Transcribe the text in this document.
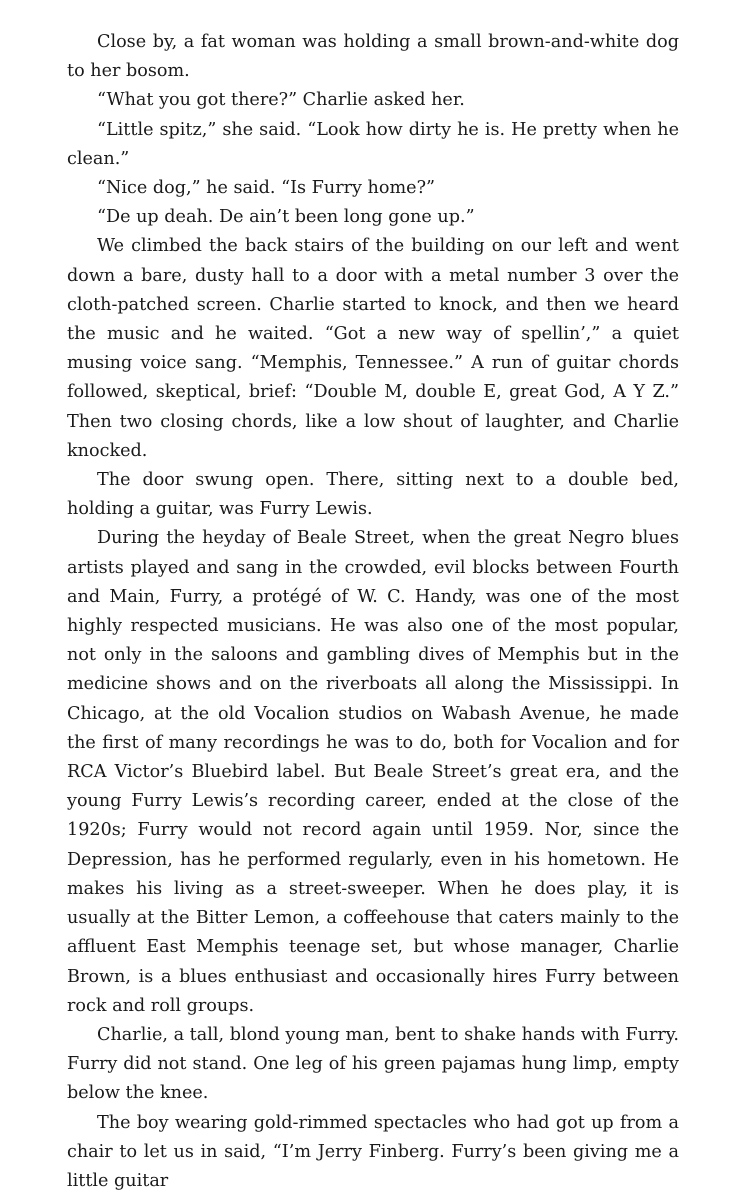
Close by, a fat woman was holding a small brown-and-white dog to her bosom.

“What you got there?” Charlie asked her.

“Little spitz,” she said. “Look how dirty he is. He pretty when he clean.”

“Nice dog,” he said. “Is Furry home?”

“De up deah. De ain’t been long gone up.”

We climbed the back stairs of the building on our left and went down a bare, dusty hall to a door with a metal number 3 over the cloth-patched screen. Charlie started to knock, and then we heard the music and he waited. “Got a new way of spellin’,” a quiet musing voice sang. “Memphis, Tennessee.” A run of guitar chords followed, skeptical, brief: “Double M, double E, great God, A Y Z.” Then two closing chords, like a low shout of laughter, and Charlie knocked.

The door swung open. There, sitting next to a double bed, holding a guitar, was Furry Lewis.

During the heyday of Beale Street, when the great Negro blues artists played and sang in the crowded, evil blocks between Fourth and Main, Furry, a protégé of W. C. Handy, was one of the most highly respected musicians. He was also one of the most popular, not only in the saloons and gambling dives of Memphis but in the medicine shows and on the riverboats all along the Mississippi. In Chicago, at the old Vocalion studios on Wabash Avenue, he made the first of many recordings he was to do, both for Vocalion and for RCA Victor’s Bluebird label. But Beale Street’s great era, and the young Furry Lewis’s recording career, ended at the close of the 1920s; Furry would not record again until 1959. Nor, since the Depression, has he performed regularly, even in his hometown. He makes his living as a street-sweeper. When he does play, it is usually at the Bitter Lemon, a coffeehouse that caters mainly to the affluent East Memphis teenage set, but whose manager, Charlie Brown, is a blues enthusiast and occasionally hires Furry between rock and roll groups.

Charlie, a tall, blond young man, bent to shake hands with Furry. Furry did not stand. One leg of his green pajamas hung limp, empty below the knee.

The boy wearing gold-rimmed spectacles who had got up from a chair to let us in said, “I’m Jerry Finberg. Furry’s been giving me a little guitar
